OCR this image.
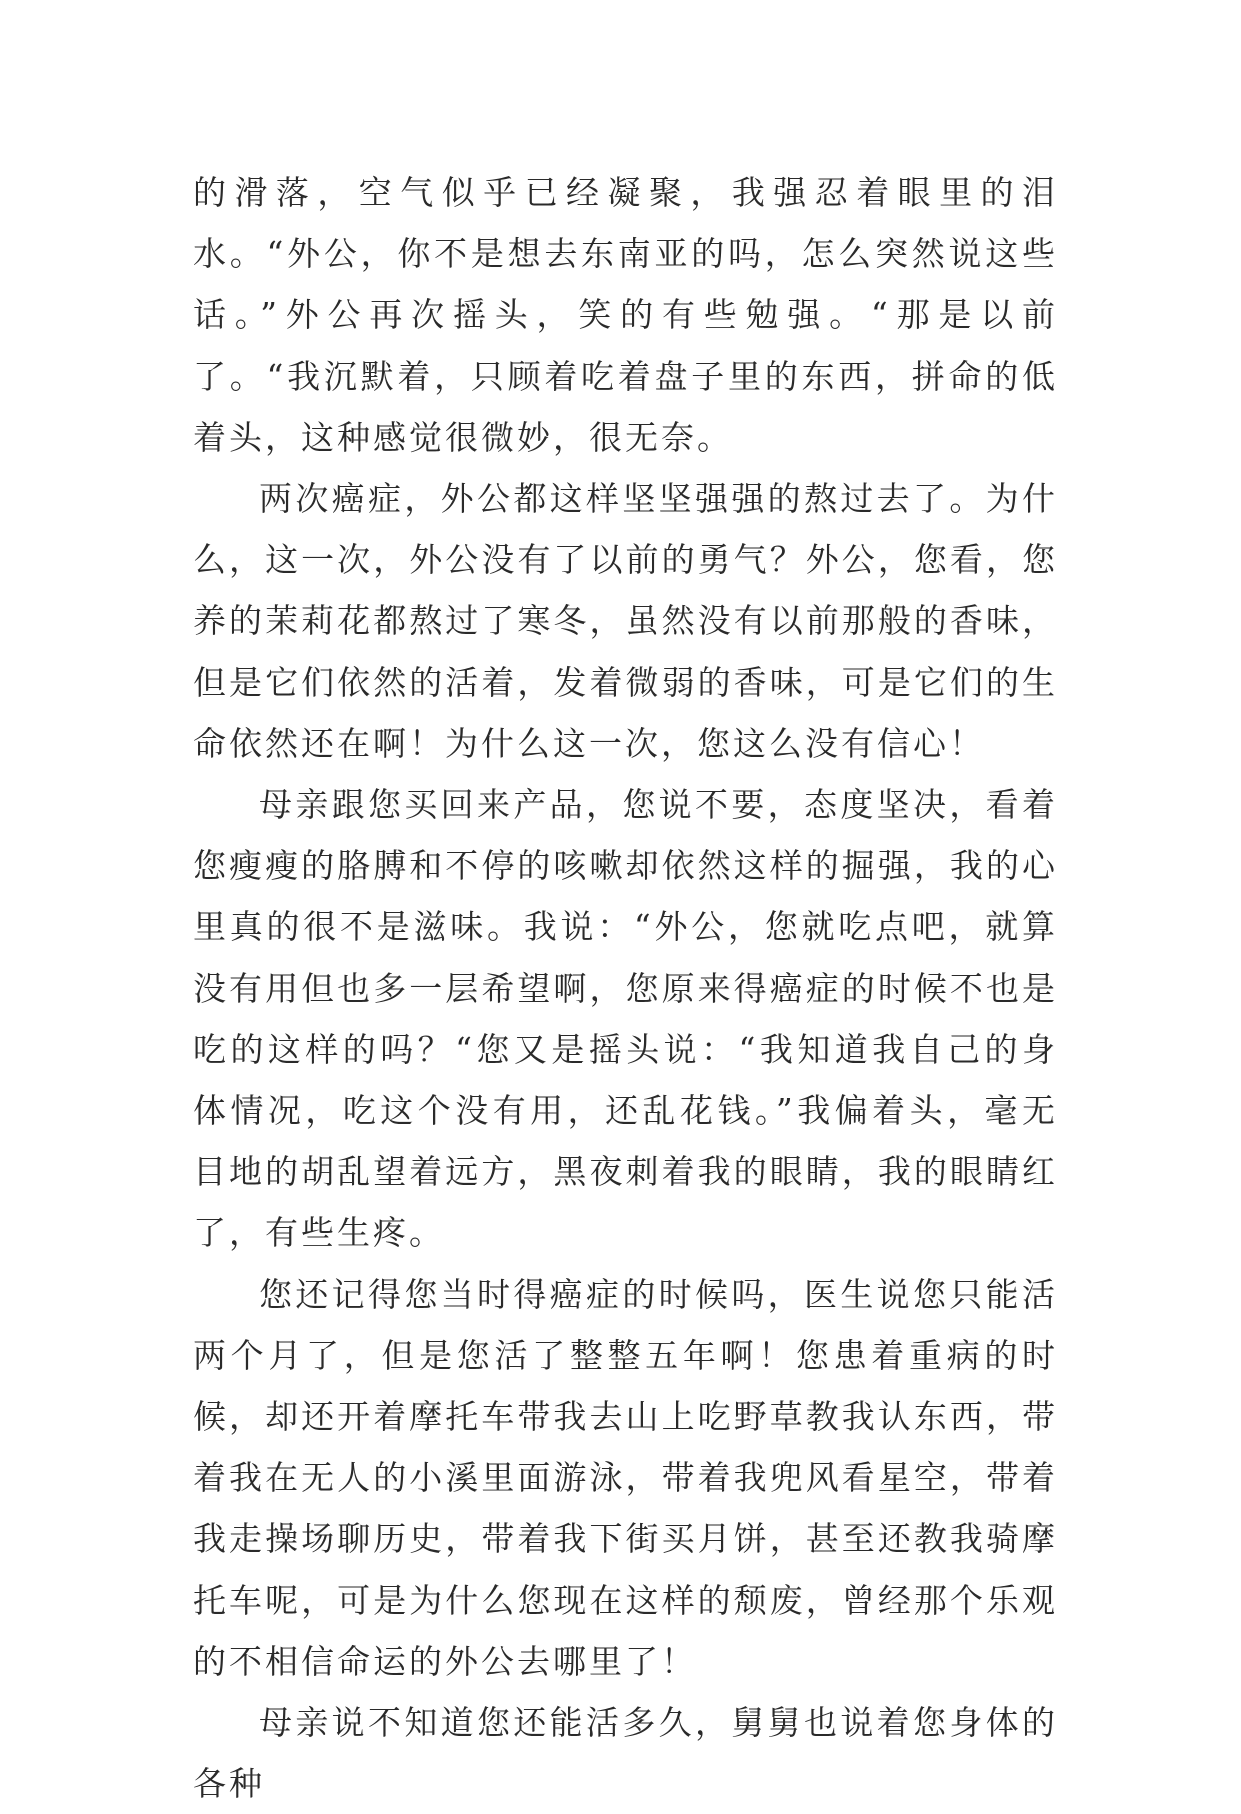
的滑落，空气似乎已经凝聚，我强忍着眼里的泪水。“外公，你不是想去东南亚的吗，怎么突然说这些话。”外公再次摇头，笑的有些勉强。“那是以前了。“我沉默着，只顾着吃着盘子里的东西，拼命的低着头，这种感觉很微妙，很无奈。

两次癌症，外公都这样坚坚强强的熬过去了。为什么，这一次，外公没有了以前的勇气？外公，您看，您养的茉莉花都熬过了寒冬，虽然没有以前那般的香味，但是它们依然的活着，发着微弱的香味，可是它们的生命依然还在啊！为什么这一次，您这么没有信心！

母亲跟您买回来产品，您说不要，态度坚决，看着您瘦瘦的胳膊和不停的咳嗽却依然这样的掘强，我的心里真的很不是滋味。我说：“外公，您就吃点吧，就算没有用但也多一层希望啊，您原来得癌症的时候不也是吃的这样的吗？“您又是摇头说：“我知道我自己的身体情况，吃这个没有用，还乱花钱。”我偏着头，毫无目地的胡乱望着远方，黑夜刺着我的眼睛，我的眼睛红了，有些生疼。

您还记得您当时得癌症的时候吗，医生说您只能活两个月了，但是您活了整整五年啊！您患着重病的时候，却还开着摩托车带我去山上吃野草教我认东西，带着我在无人的小溪里面游泳，带着我兜风看星空，带着我走操场聊历史，带着我下街买月饼，甚至还教我骑摩托车呢，可是为什么您现在这样的颓废，曾经那个乐观的不相信命运的外公去哪里了！

母亲说不知道您还能活多久，舅舅也说着您身体的各种
